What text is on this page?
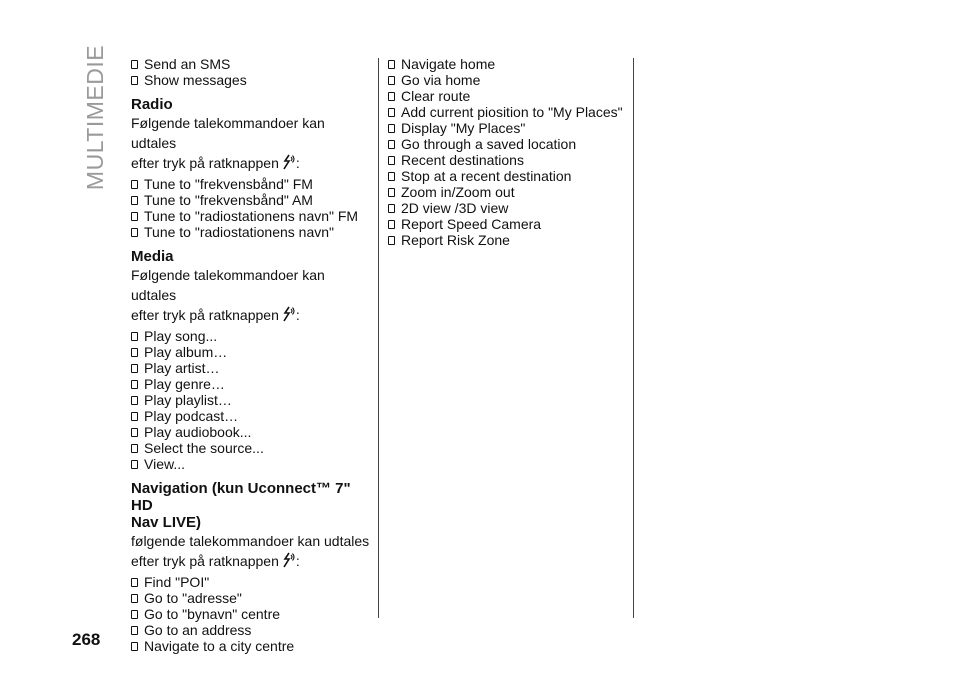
MULTIMEDIE	Send an SMS
Show messages
Radio

Følgende talekommandoer kan udtales
efter tryk på ratknappen :

Tune to "frekvensbånd" FM
Tune to "frekvensbånd" AM
Tune to "radiostationens navn" FM
Tune to "radiostationens navn"
Media

Følgende talekommandoer kan udtales
efter tryk på ratknappen :

Play song...
Play album…
Play artist…
Play genre…
Play playlist…
Play podcast…
Play audiobook...
Select the source...
View...
Navigation (kun Uconnect™ 7" HD
Nav LIVE)

følgende talekommandoer kan udtales
efter tryk på ratknappen :

Find "POI"
Go to "adresse"
Go to "bynavn" centre
Go to an address
Navigate to a city centre
Navigate home
Go via home
Clear route
Add current piosition to "My Places"
Display "My Places"
Go through a saved location
Recent destinations
Stop at a recent destination
Zoom in/Zoom out
2D view /3D view
Report Speed Camera
Report Risk Zone
268
